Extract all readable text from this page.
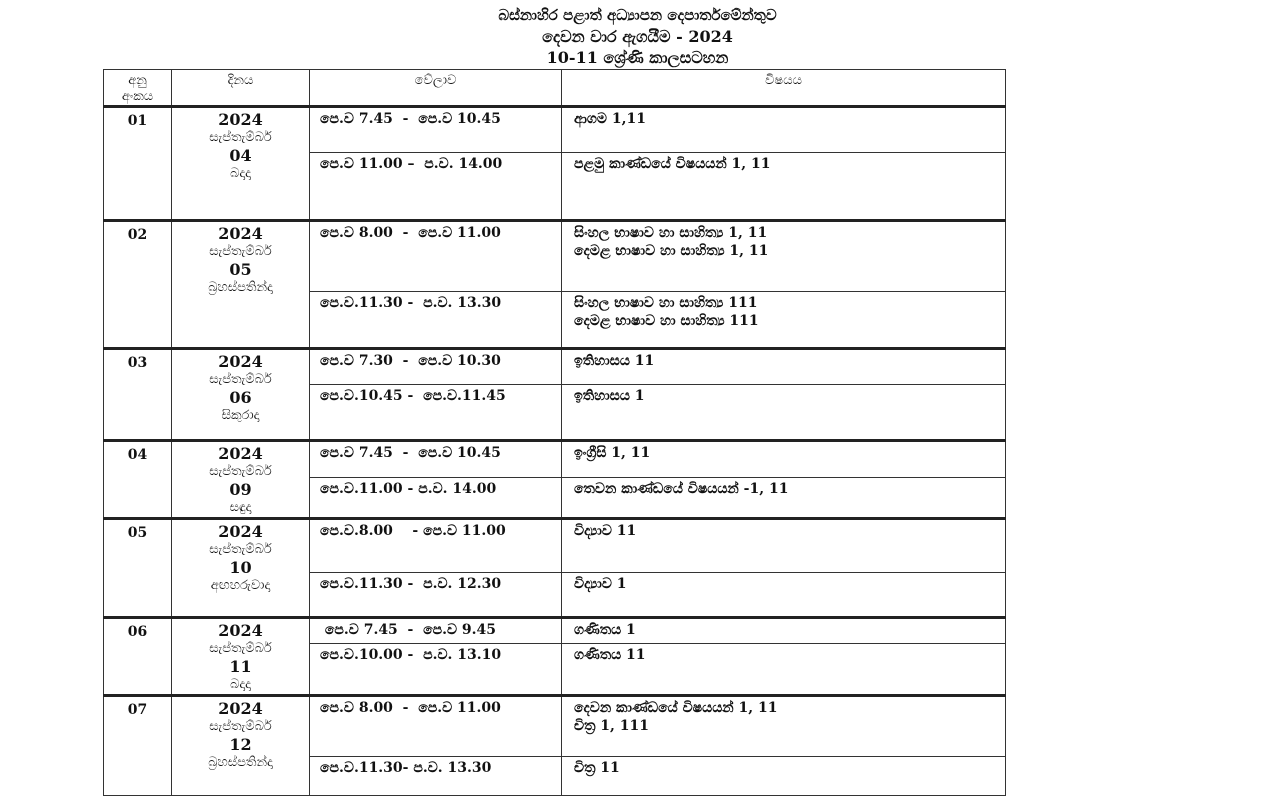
බස්නාහිර පළාත් අධ්‍යාපන දෙපාර්තමේන්තුව
දෙවන වාර ඇගයීම - 2024
10-11 ශ්‍රේණි කාලසටහන
අනු
අංකය	දිනය	වේලාව	විෂයය
01	2024
සැප්තැම්බර්
04
බදාදා	පෙ.ව 7.45  -  පෙ.ව 10.45	ආගම 1,11

		පෙ.ව 11.00 –  ප.ව. 14.00	පළමු කාණ්ඩයේ විෂයයන් 1, 11

02	2024
සැප්තැම්බර්
05
බ්‍රහස්පතින්දා	පෙ.ව 8.00  -  පෙ.ව 11.00	සිංහල භාෂාව හා සාහිත්‍ය 1, 11
දෙමළ භාෂාව හා සාහිත්‍ය 1, 11

		පෙ.ව.11.30 -  ප.ව. 13.30	සිංහල භාෂාව හා සාහිත්‍ය 111
දෙමළ භාෂාව හා සාහිත්‍ය 111

03	2024
සැප්තැම්බර්
06
සිකුරාදා	පෙ.ව 7.30  -  පෙ.ව 10.30	ඉතිහාසය 11

		පෙ.ව.10.45 -  පෙ.ව.11.45	ඉතිහාසය 1

04	2024
සැප්තැම්බර්
09
සඳුදා	පෙ.ව 7.45  -  පෙ.ව 10.45	ඉංග්‍රීසි 1, 11

		පෙ.ව.11.00 - ප.ව. 14.00	තෙවන කාණ්ඩයේ විෂයයන් -1, 11

05	2024
සැප්තැම්බර්
10
අඟහරුවාදා	පෙ.ව.8.00    - පෙ.ව 11.00	විද්‍යාව 11

		පෙ.ව.11.30 -  ප.ව. 12.30	විද්‍යාව 1

06	2024
සැප්තැම්බර්
11
බදාදා	පෙ.ව 7.45  -  පෙ.ව 9.45	ගණිතය 1

		පෙ.ව.10.00 -  ප.ව. 13.10	ගණිතය 11

07	2024
සැප්තැම්බර්
12
බ්‍රහස්පතින්දා	පෙ.ව 8.00  -  පෙ.ව 11.00	දෙවන කාණ්ඩයේ විෂයයන් 1, 11
චිත්‍ර 1, 111

		පෙ.ව.11.30- ප.ව. 13.30	චිත්‍ර 11
